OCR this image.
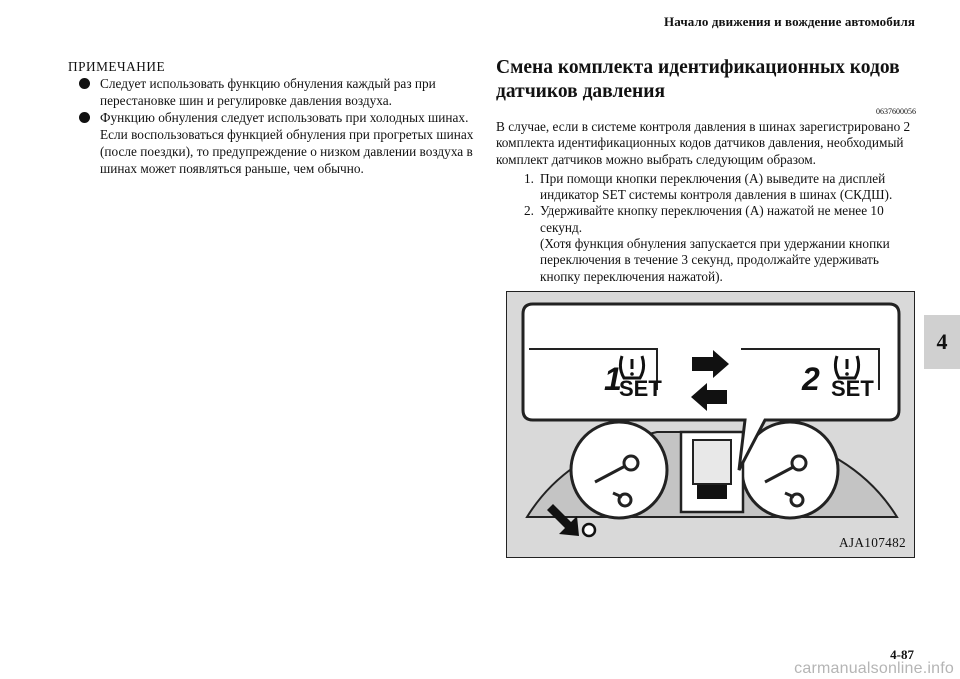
Начало движения и вождение автомобиля
ПРИМЕЧАНИЕ
Следует использовать функцию обнуления каждый раз при перестановке шин и регулировке давления воздуха.
Функцию обнуления следует использовать при холодных шинах. Если воспользоваться функцией обнуления при прогретых шинах (после поездки), то предупреждение о низком давлении воздуха в шинах может появляться раньше, чем обычно.
Смена комплекта идентификационных кодов датчиков давления
0637600056
В случае, если в системе контроля давления в шинах зарегистрировано 2 комплекта идентификационных кодов датчиков давления, необходимый комплект датчиков можно выбрать следующим образом.
1. При помощи кнопки переключения (A) выведите на дисплей индикатор SET системы контроля давления в шинах (СКДШ).
2. Удерживайте кнопку переключения (A) нажатой не менее 10 секунд.
(Хотя функция обнуления запускается при удержании кнопки переключения в течение 3 секунд, продолжайте удерживать кнопку переключения нажатой).
1
SET	2 SET
AJA107482
4
4-87
carmanualsonline.info
